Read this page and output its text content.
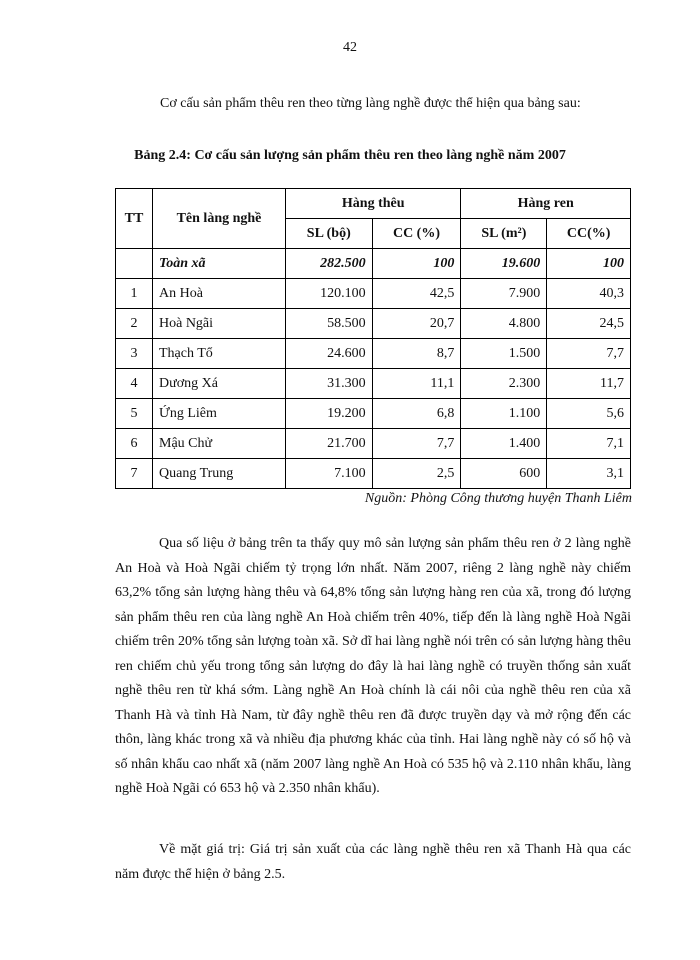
42
Cơ cấu sản phẩm thêu ren theo từng làng nghề được thể hiện qua bảng sau:
Bảng 2.4: Cơ cấu sản lượng sản phẩm thêu ren theo làng nghề năm 2007
TT	Tên làng nghề	Hàng thêu		Hàng ren	
		SL (bộ)	CC (%)	SL (m²)	CC(%)
	Toàn xã	282.500	100	19.600	100
1	An Hoà	120.100	42,5	7.900	40,3
2	Hoà Ngãi	58.500	20,7	4.800	24,5
3	Thạch Tổ	24.600	8,7	1.500	7,7
4	Dương Xá	31.300	11,1	2.300	11,7
5	Ứng Liêm	19.200	6,8	1.100	5,6
6	Mậu Chử	21.700	7,7	1.400	7,1
7	Quang Trung	7.100	2,5	600	3,1
Nguồn: Phòng Công thương huyện Thanh Liêm

Qua số liệu ở bảng trên ta thấy quy mô sản lượng sản phẩm thêu ren ở 2 làng nghề An Hoà và Hoà Ngãi chiếm tỷ trọng lớn nhất. Năm 2007, riêng 2 làng nghề này chiếm 63,2% tổng sản lượng hàng thêu và 64,8% tổng sản lượng hàng ren của xã, trong đó lượng sản phẩm thêu ren của làng nghề An Hoà chiếm trên 40%, tiếp đến là làng nghề Hoà Ngãi chiếm trên 20% tổng sản lượng toàn xã. Sở dĩ hai làng nghề nói trên có sản lượng hàng thêu ren chiếm chủ yếu trong tổng sản lượng do đây là hai làng nghề có truyền thống sản xuất nghề thêu ren từ khá sớm. Làng nghề An Hoà chính là cái nôi của nghề thêu ren của xã Thanh Hà và tỉnh Hà Nam, từ đây nghề thêu ren đã được truyền dạy và mở rộng đến các thôn, làng khác trong xã và nhiều địa phương khác của tỉnh. Hai làng nghề này có số hộ và số nhân khẩu cao nhất xã (năm 2007 làng nghề An Hoà có 535 hộ và 2.110 nhân khẩu, làng nghề Hoà Ngãi có 653 hộ và 2.350 nhân khẩu).

Về mặt giá trị: Giá trị sản xuất của các làng nghề thêu ren xã Thanh Hà qua các năm được thể hiện ở bảng 2.5.
